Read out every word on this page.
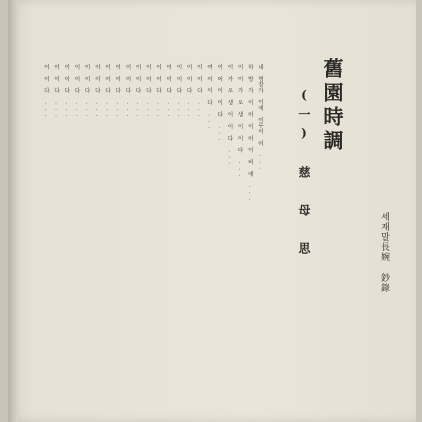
舊園時調
(一) 慈 母 思	세재말長婉 鈔錄
내 명장가 이에 이루이 어 ...
하 방 가 이 어 이 어 이 비 에 ...
이 이 가 오 생 이 이 다 ...
이 가 오 생 이 이 다 ...
이 어 이 이 다 ...
여 이 이 다 ...
이 이 다 ...
이 이 다 ...
이 이 다 ...
이 이 다 ...
이 이 다 ...
이 이 다 ...
이 이 다 ...
이 이 다 ...
이 이 다 ...
이 이 다 ...
이 이 다 ...
이 이 다 ...
이 이 다 ...
이 이 다 ...
이 이 다 ...
이 이 다 ...
